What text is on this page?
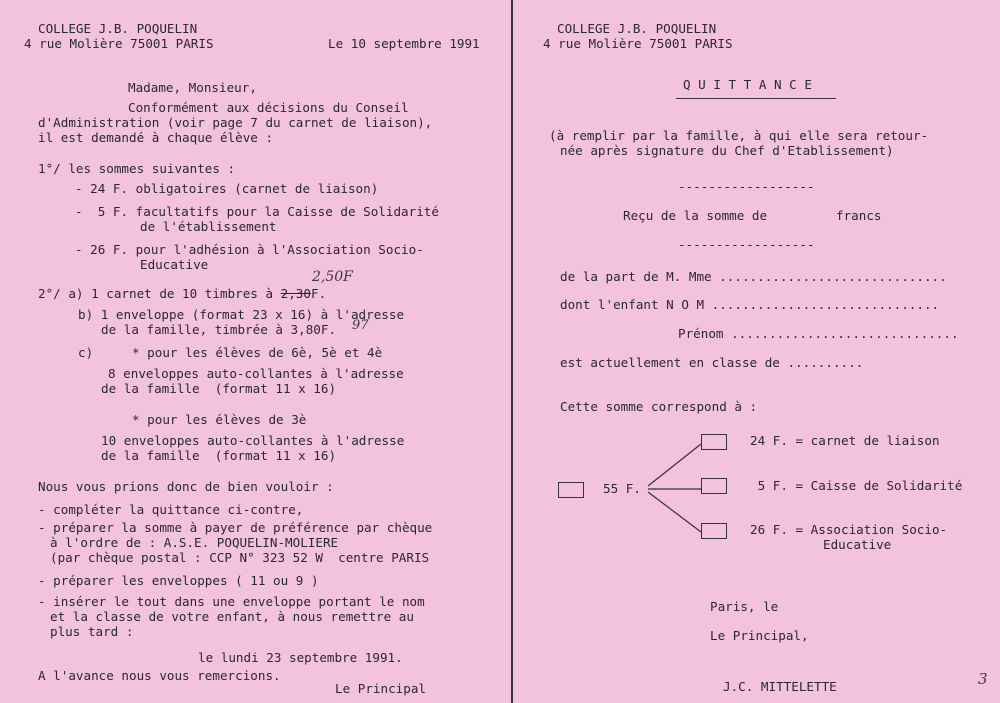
COLLEGE J.B. POQUELIN
4 rue Molière 75001 PARIS	Le 10 septembre 1991
Madame, Monsieur,
Conformément aux décisions du Conseil
d'Administration (voir page 7 du carnet de liaison),
il est demandé à chaque élève :
1°/ les sommes suivantes :
- 24 F. obligatoires (carnet de liaison)
-  5 F. facultatifs pour la Caisse de Solidarité
de l'établissement
- 26 F. pour l'adhésion à l'Association Socio-
Educative
2,50F
2°/ a) 1 carnet de 10 timbres à 2,30F.
b) 1 enveloppe (format 23 x 16) à l'adresse
de la famille, timbrée à 3,80F. 97
c)	* pour les élèves de 6è, 5è et 4è
8 enveloppes auto-collantes à l'adresse
de la famille  (format 11 x 16)
* pour les élèves de 3è
10 enveloppes auto-collantes à l'adresse
de la famille  (format 11 x 16)
Nous vous prions donc de bien vouloir :
- compléter la quittance ci-contre,
- préparer la somme à payer de préférence par chèque
à l'ordre de : A.S.E. POQUELIN-MOLIERE
(par chèque postal : CCP N° 323 52 W  centre PARIS
- préparer les enveloppes ( 11 ou 9 )
- insérer le tout dans une enveloppe portant le nom
et la classe de votre enfant, à nous remettre au
plus tard :
le lundi 23 septembre 1991.
A l'avance nous vous remercions.
Le Principal
COLLEGE J.B. POQUELIN
4 rue Molière 75001 PARIS
Q U I T T A N C E
(à remplir par la famille, à qui elle sera retour-
née après signature du Chef d'Etablissement)
------------------
Reçu de la somme de	francs
------------------
de la part de M. Mme ..............................
dont l'enfant N O M ..............................
Prénom ..............................
est actuellement en classe de ..........
Cette somme correspond à :
24 F. = carnet de liaison
55 F.	5 F. = Caisse de Solidarité
26 F. = Association Socio-
Educative
Paris, le
Le Principal,
J.C. MITTELETTE	3
